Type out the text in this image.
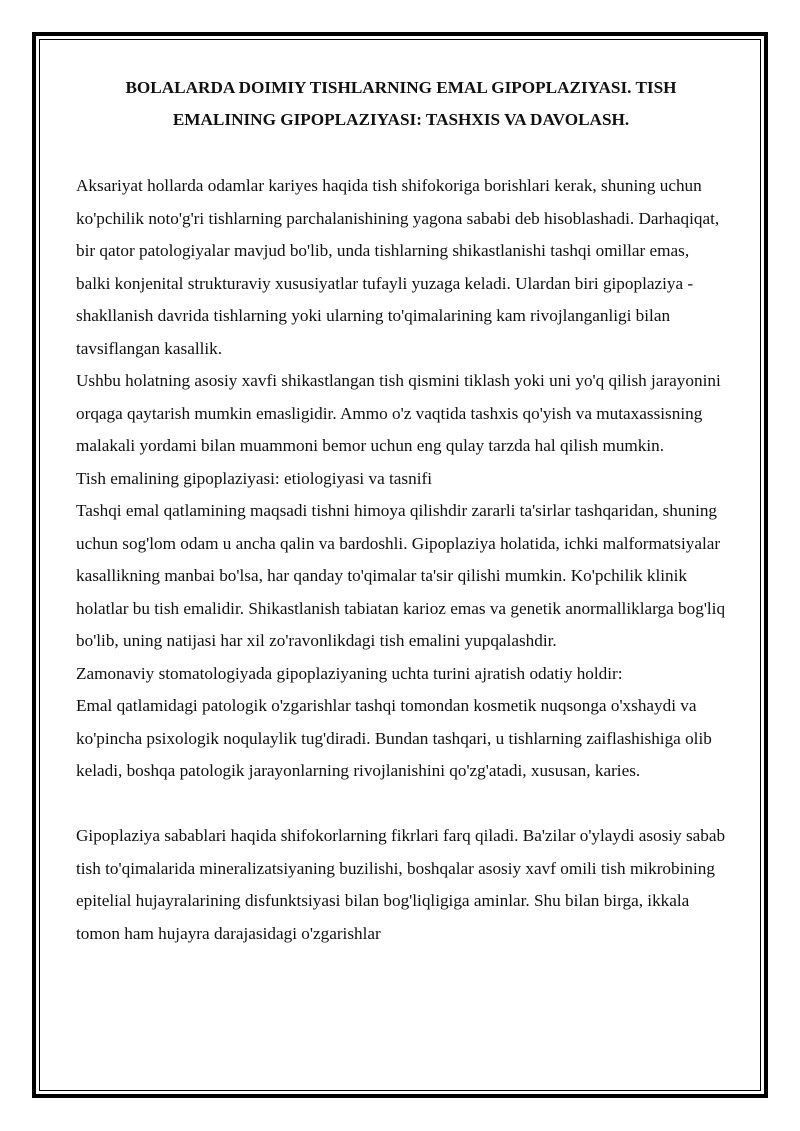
BOLALARDA DOIMIY TISHLARNING EMAL GIPOPLAZIYASI. TISH EMALINING GIPOPLAZIYASI: TASHXIS VA DAVOLASH.

Aksariyat hollarda odamlar kariyes haqida tish shifokoriga borishlari kerak, shuning uchun ko'pchilik noto'g'ri tishlarning parchalanishining yagona sababi deb hisoblashadi. Darhaqiqat, bir qator patologiyalar mavjud bo'lib, unda tishlarning shikastlanishi tashqi omillar emas, balki konjenital strukturaviy xususiyatlar tufayli yuzaga keladi. Ulardan biri gipoplaziya - shakllanish davrida tishlarning yoki ularning to'qimalarining kam rivojlanganligi bilan tavsiflangan kasallik.

Ushbu holatning asosiy xavfi shikastlangan tish qismini tiklash yoki uni yo'q qilish jarayonini orqaga qaytarish mumkin emasligidir. Ammo o'z vaqtida tashxis qo'yish va mutaxassisning malakali yordami bilan muammoni bemor uchun eng qulay tarzda hal qilish mumkin.

Tish emalining gipoplaziyasi: etiologiyasi va tasnifi

Tashqi emal qatlamining maqsadi tishni himoya qilishdir zararli ta'sirlar tashqaridan, shuning uchun sog'lom odam u ancha qalin va bardoshli. Gipoplaziya holatida, ichki malformatsiyalar kasallikning manbai bo'lsa, har qanday to'qimalar ta'sir qilishi mumkin. Ko'pchilik klinik holatlar bu tish emalidir. Shikastlanish tabiatan karioz emas va genetik anormalliklarga bog'liq bo'lib, uning natijasi har xil zo'ravonlikdagi tish emalini yupqalashdir.

Zamonaviy stomatologiyada gipoplaziyaning uchta turini ajratish odatiy holdir:

Emal qatlamidagi patologik o'zgarishlar tashqi tomondan kosmetik nuqsonga o'xshaydi va ko'pincha psixologik noqulaylik tug'diradi. Bundan tashqari, u tishlarning zaiflashishiga olib keladi, boshqa patologik jarayonlarning rivojlanishini qo'zg'atadi, xususan, karies.

Gipoplaziya sabablari haqida shifokorlarning fikrlari farq qiladi. Ba'zilar o'ylaydi asosiy sabab tish to'qimalarida mineralizatsiyaning buzilishi, boshqalar asosiy xavf omili tish mikrobining epitelial hujayralarining disfunktsiyasi bilan bog'liqligiga aminlar. Shu bilan birga, ikkala tomon ham hujayra darajasidagi o'zgarishlar
